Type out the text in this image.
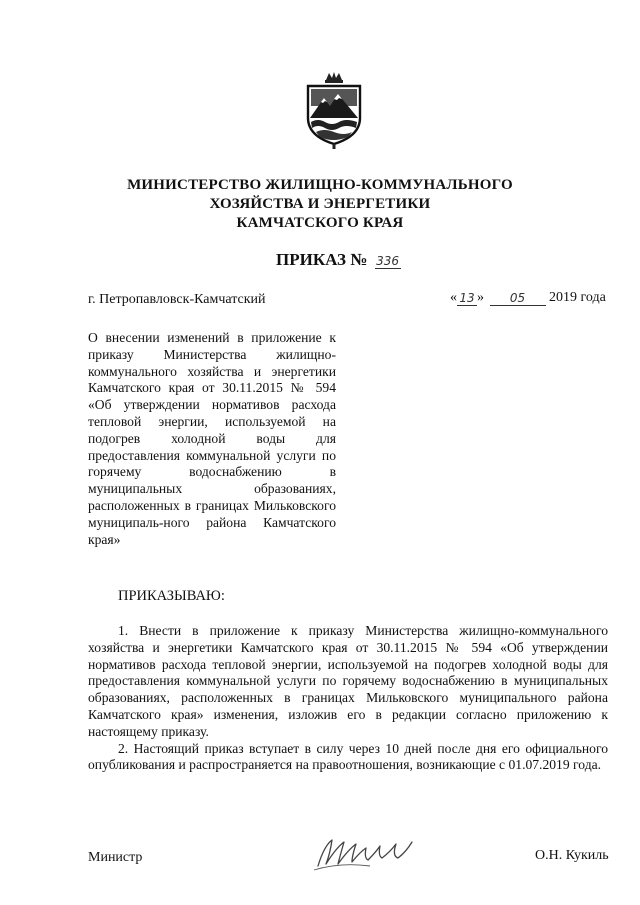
МИНИСТЕРСТВО ЖИЛИЩНО-КОММУНАЛЬНОГО
ХОЗЯЙСТВА И ЭНЕРГЕТИКИ
КАМЧАТСКОГО КРАЯ
ПРИКАЗ № 336
г. Петропавловск-Камчатский	« 13 » 05 2019 года
О внесении изменений в приложение к приказу Министерства жилищно-коммунального хозяйства и энергетики Камчатского края от 30.11.2015 № 594 «Об утверждении нормативов расхода тепловой энергии, используемой на подогрев холодной воды для предоставления коммунальной услуги по горячему водоснабжению в муниципальных образованиях, расположенных в границах Мильковского муниципаль-ного района Камчатского края»
ПРИКАЗЫВАЮ:

1. Внести в приложение к приказу Министерства жилищно-коммунального хозяйства и энергетики Камчатского края от 30.11.2015 № 594 «Об утверждении нормативов расхода тепловой энергии, используемой на подогрев холодной воды для предоставления коммунальной услуги по горячему водоснабжению в муниципальных образованиях, расположенных в границах Мильковского муниципального района Камчатского края» изменения, изложив его в редакции согласно приложению к настоящему приказу.

2. Настоящий приказ вступает в силу через 10 дней после дня его официального опубликования и распространяется на правоотношения, возникающие с 01.07.2019 года.

Министр	О.Н. Кукиль
